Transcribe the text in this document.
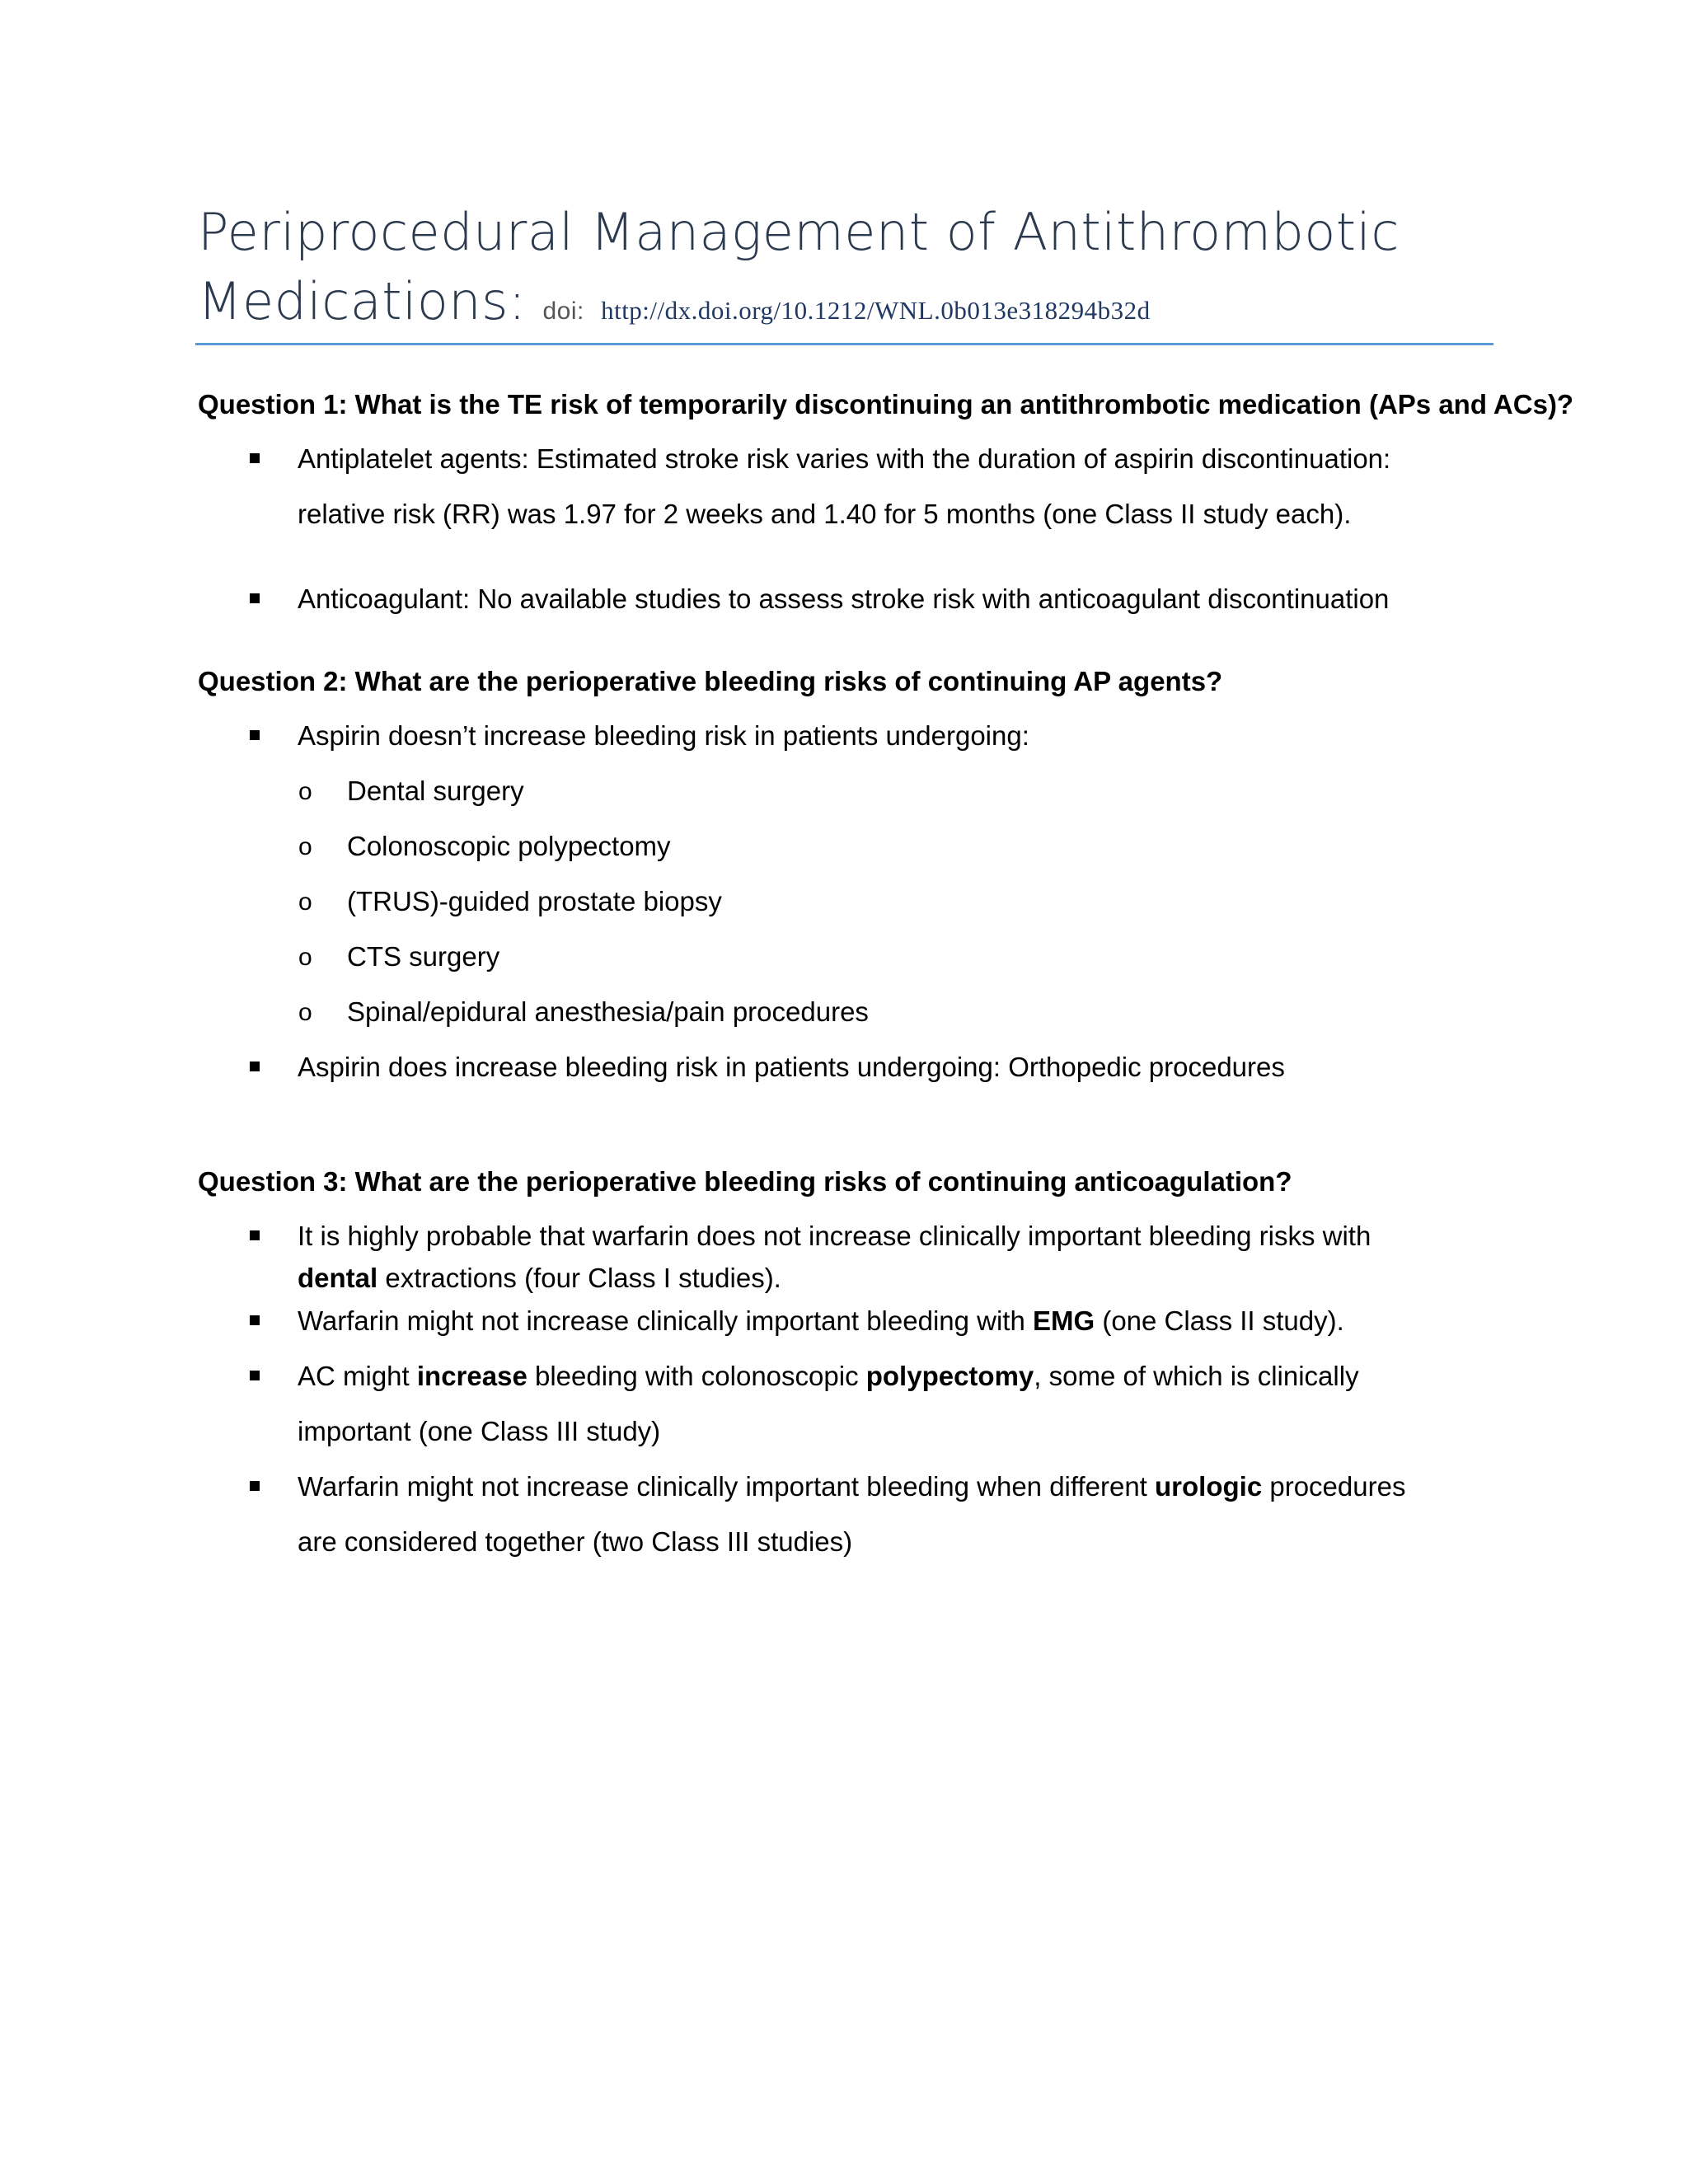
Periprocedural Management of Antithrombotic
Medications: doi: http://dx.doi.org/10.1212/WNL.0b013e318294b32d
Question 1: What is the TE risk of temporarily discontinuing an antithrombotic medication (APs and ACs)?
Antiplatelet agents: Estimated stroke risk varies with the duration of aspirin discontinuation:
relative risk (RR) was 1.97 for 2 weeks and 1.40 for 5 months (one Class II study each).
Anticoagulant: No available studies to assess stroke risk with anticoagulant discontinuation
Question 2: What are the perioperative bleeding risks of continuing AP agents?
Aspirin doesn’t increase bleeding risk in patients undergoing:
o Dental surgery
o Colonoscopic polypectomy
o (TRUS)-guided prostate biopsy
o CTS surgery
o Spinal/epidural anesthesia/pain procedures
Aspirin does increase bleeding risk in patients undergoing: Orthopedic procedures
Question 3: What are the perioperative bleeding risks of continuing anticoagulation?
It is highly probable that warfarin does not increase clinically important bleeding risks with
dental extractions (four Class I studies).
Warfarin might not increase clinically important bleeding with EMG (one Class II study).
AC might increase bleeding with colonoscopic polypectomy, some of which is clinically
important (one Class III study)
Warfarin might not increase clinically important bleeding when different urologic procedures
are considered together (two Class III studies)
